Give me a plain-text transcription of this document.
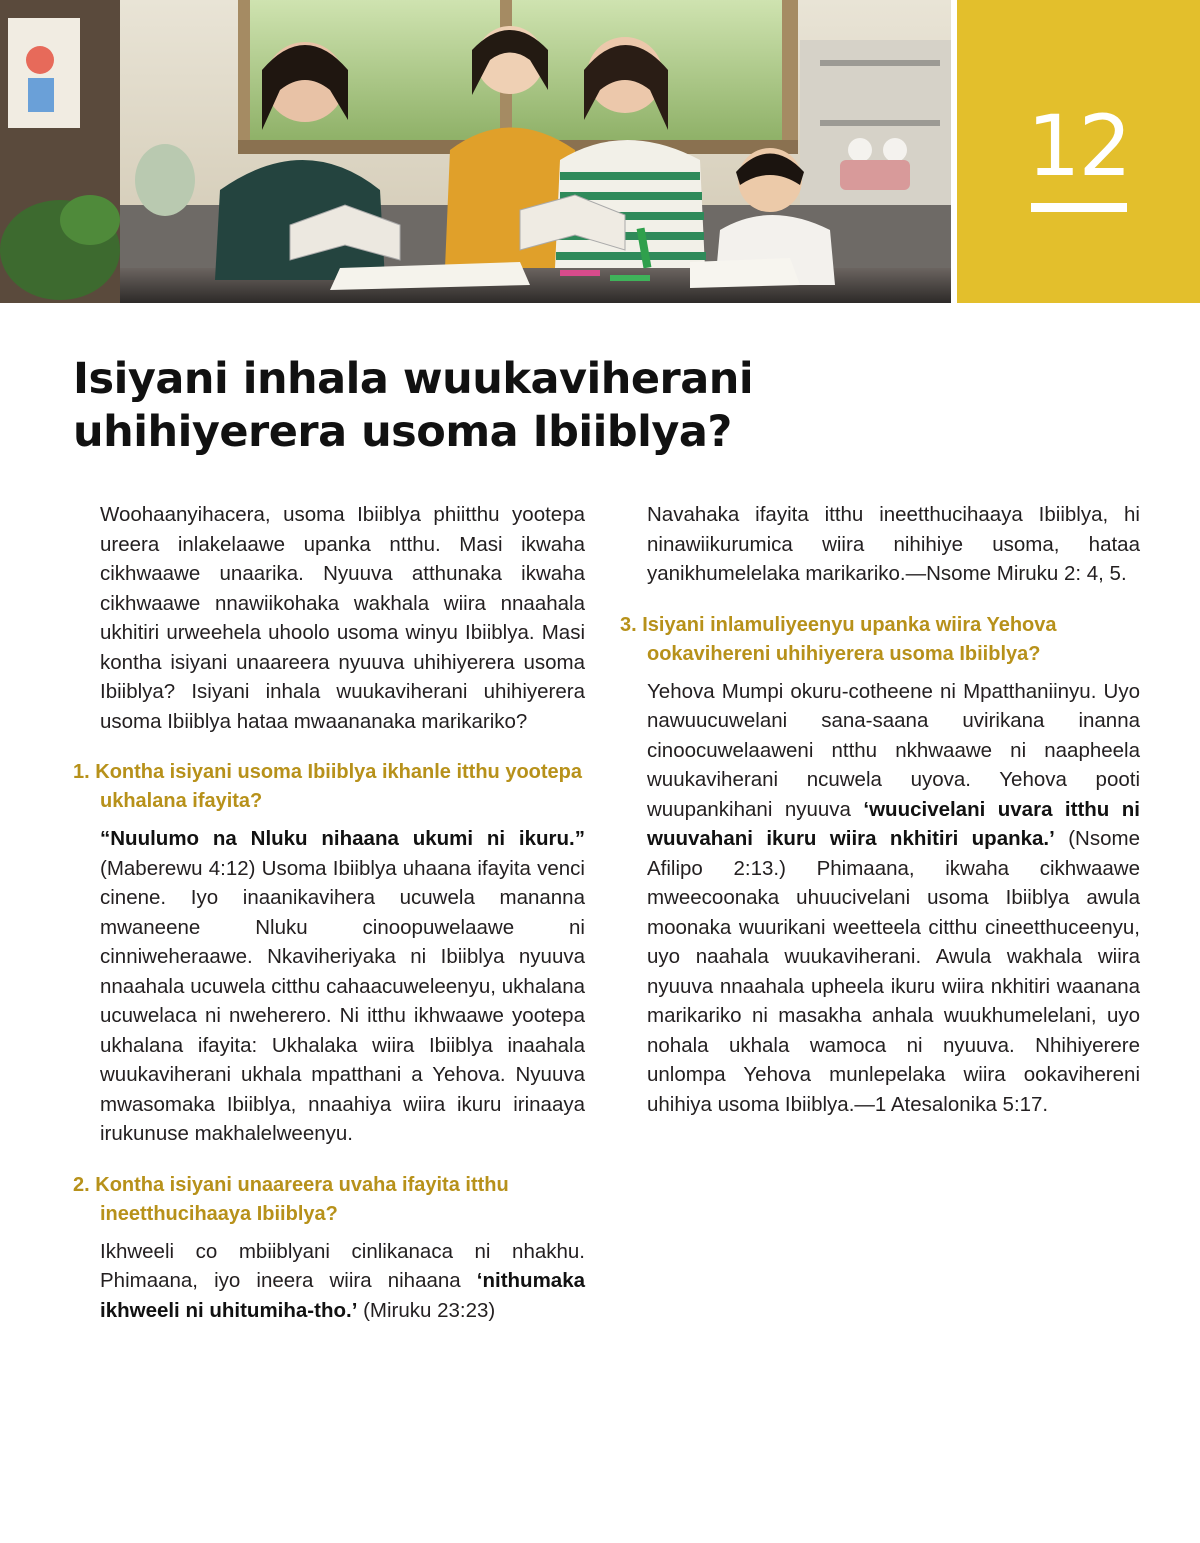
12
Isiyani inhala wuukaviherani uhihiyerera usoma Ibiiblya?

Woohaanyihacera, usoma Ibiiblya phiitthu yootepa ureera inlakelaawe upanka ntthu. Masi ikwaha cikhwaawe unaarika. Nyuuva atthunaka ikwaha cikhwaawe nnawiikohaka wakhala wiira nnaahala ukhitiri urweehela uhoolo usoma winyu Ibiiblya. Masi kontha isiyani unaareera nyuuva uhihiyerera usoma Ibiiblya? Isiyani inhala wuukaviherani uhihiyerera usoma Ibiiblya hataa mwaananaka marikariko?

1. Kontha isiyani usoma Ibiiblya ikhanle itthu yootepa ukhalana ifayita?

“Nuulumo na Nluku nihaana ukumi ni ikuru.” (Maberewu 4:12) Usoma Ibiiblya uhaana ifayita venci cinene. Iyo inaanikavihera ucuwela mananna mwaneene Nluku cinoopuwelaawe ni cinniweheraawe. Nkaviheriyaka ni Ibiiblya nyuuva nnaahala ucuwela citthu cahaacuweleenyu, ukhalana ucuwelaca ni nweherero. Ni itthu ikhwaawe yootepa ukhalana ifayita: Ukhalaka wiira Ibiiblya inaahala wuukaviherani ukhala mpatthani a Yehova. Nyuuva mwasomaka Ibiiblya, nnaahiya wiira ikuru irinaaya irukunuse makhalelweenyu.

2. Kontha isiyani unaareera uvaha ifayita itthu ineetthucihaaya Ibiiblya?

Ikhweeli co mbiiblyani cinlikanaca ni nhakhu. Phimaana, iyo ineera wiira nihaana ‘nithumaka ikhweeli ni uhitumiha-tho.’ (Miruku 23:23)

Navahaka ifayita itthu ineetthucihaaya Ibiiblya, hi ninawiikurumica wiira nihihiye usoma, hataa yanikhumelelaka marikariko.—Nsome Miruku 2: 4, 5.

3. Isiyani inlamuliyeenyu upanka wiira Yehova ookavihereni uhihiyerera usoma Ibiiblya?

Yehova Mumpi okuru-cotheene ni Mpatthaniinyu. Uyo nawuucuwelani sana-saana uvirikana inanna cinoocuwelaaweni ntthu nkhwaawe ni naapheela wuukaviherani ncuwela uyova. Yehova pooti wuupankihani nyuuva ‘wuucivelani uvara itthu ni wuuvahani ikuru wiira nkhitiri upanka.’ (Nsome Afilipo 2:13.) Phimaana, ikwaha cikhwaawe mweecoonaka uhuucivelani usoma Ibiiblya awula moonaka wuurikani weetteela citthu cineetthuceenyu, uyo naahala wuukaviherani. Awula wakhala wiira nyuuva nnaahala upheela ikuru wiira nkhitiri waanana marikariko ni masakha anhala wuukhumelelani, uyo nohala ukhala wamoca ni nyuuva. Nhihiyerere unlompa Yehova munlepelaka wiira ookavihereni uhihiya usoma Ibiiblya.—1 Atesalonika 5:17.
